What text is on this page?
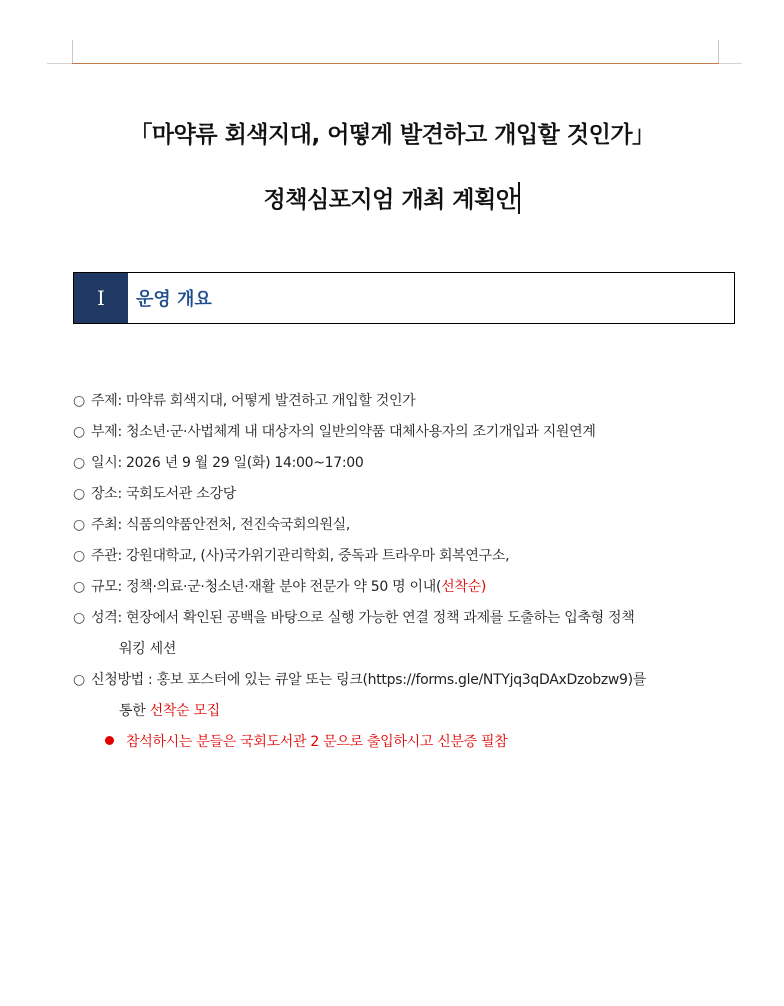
「마약류 회색지대, 어떻게 발견하고 개입할 것인가」
정책심포지엄 개최 계획안
I	운영 개요
○ 주제: 마약류 회색지대, 어떻게 발견하고 개입할 것인가
○ 부제: 청소년·군·사법체계 내 대상자의 일반의약품 대체사용자의 조기개입과 지원연계
○ 일시: 2026 년 9 월 29 일(화) 14:00~17:00
○ 장소: 국회도서관 소강당
○ 주최: 식품의약품안전처, 전진숙국회의원실,
○ 주관: 강원대학교, (사)국가위기관리학회, 중독과 트라우마 회복연구소,
○ 규모: 정책·의료·군·청소년·재활 분야 전문가 약 50 명 이내(선착순)
○ 성격: 현장에서 확인된 공백을 바탕으로 실행 가능한 연결 정책 과제를 도출하는 입축형 정책
워킹 세션
○ 신청방법 : 홍보 포스터에 있는 큐알 또는 링크(https://forms.gle/NTYjq3qDAxDzobzw9)를
통한 선착순 모집
참석하시는 분들은 국회도서관 2 문으로 출입하시고 신분증 필참
